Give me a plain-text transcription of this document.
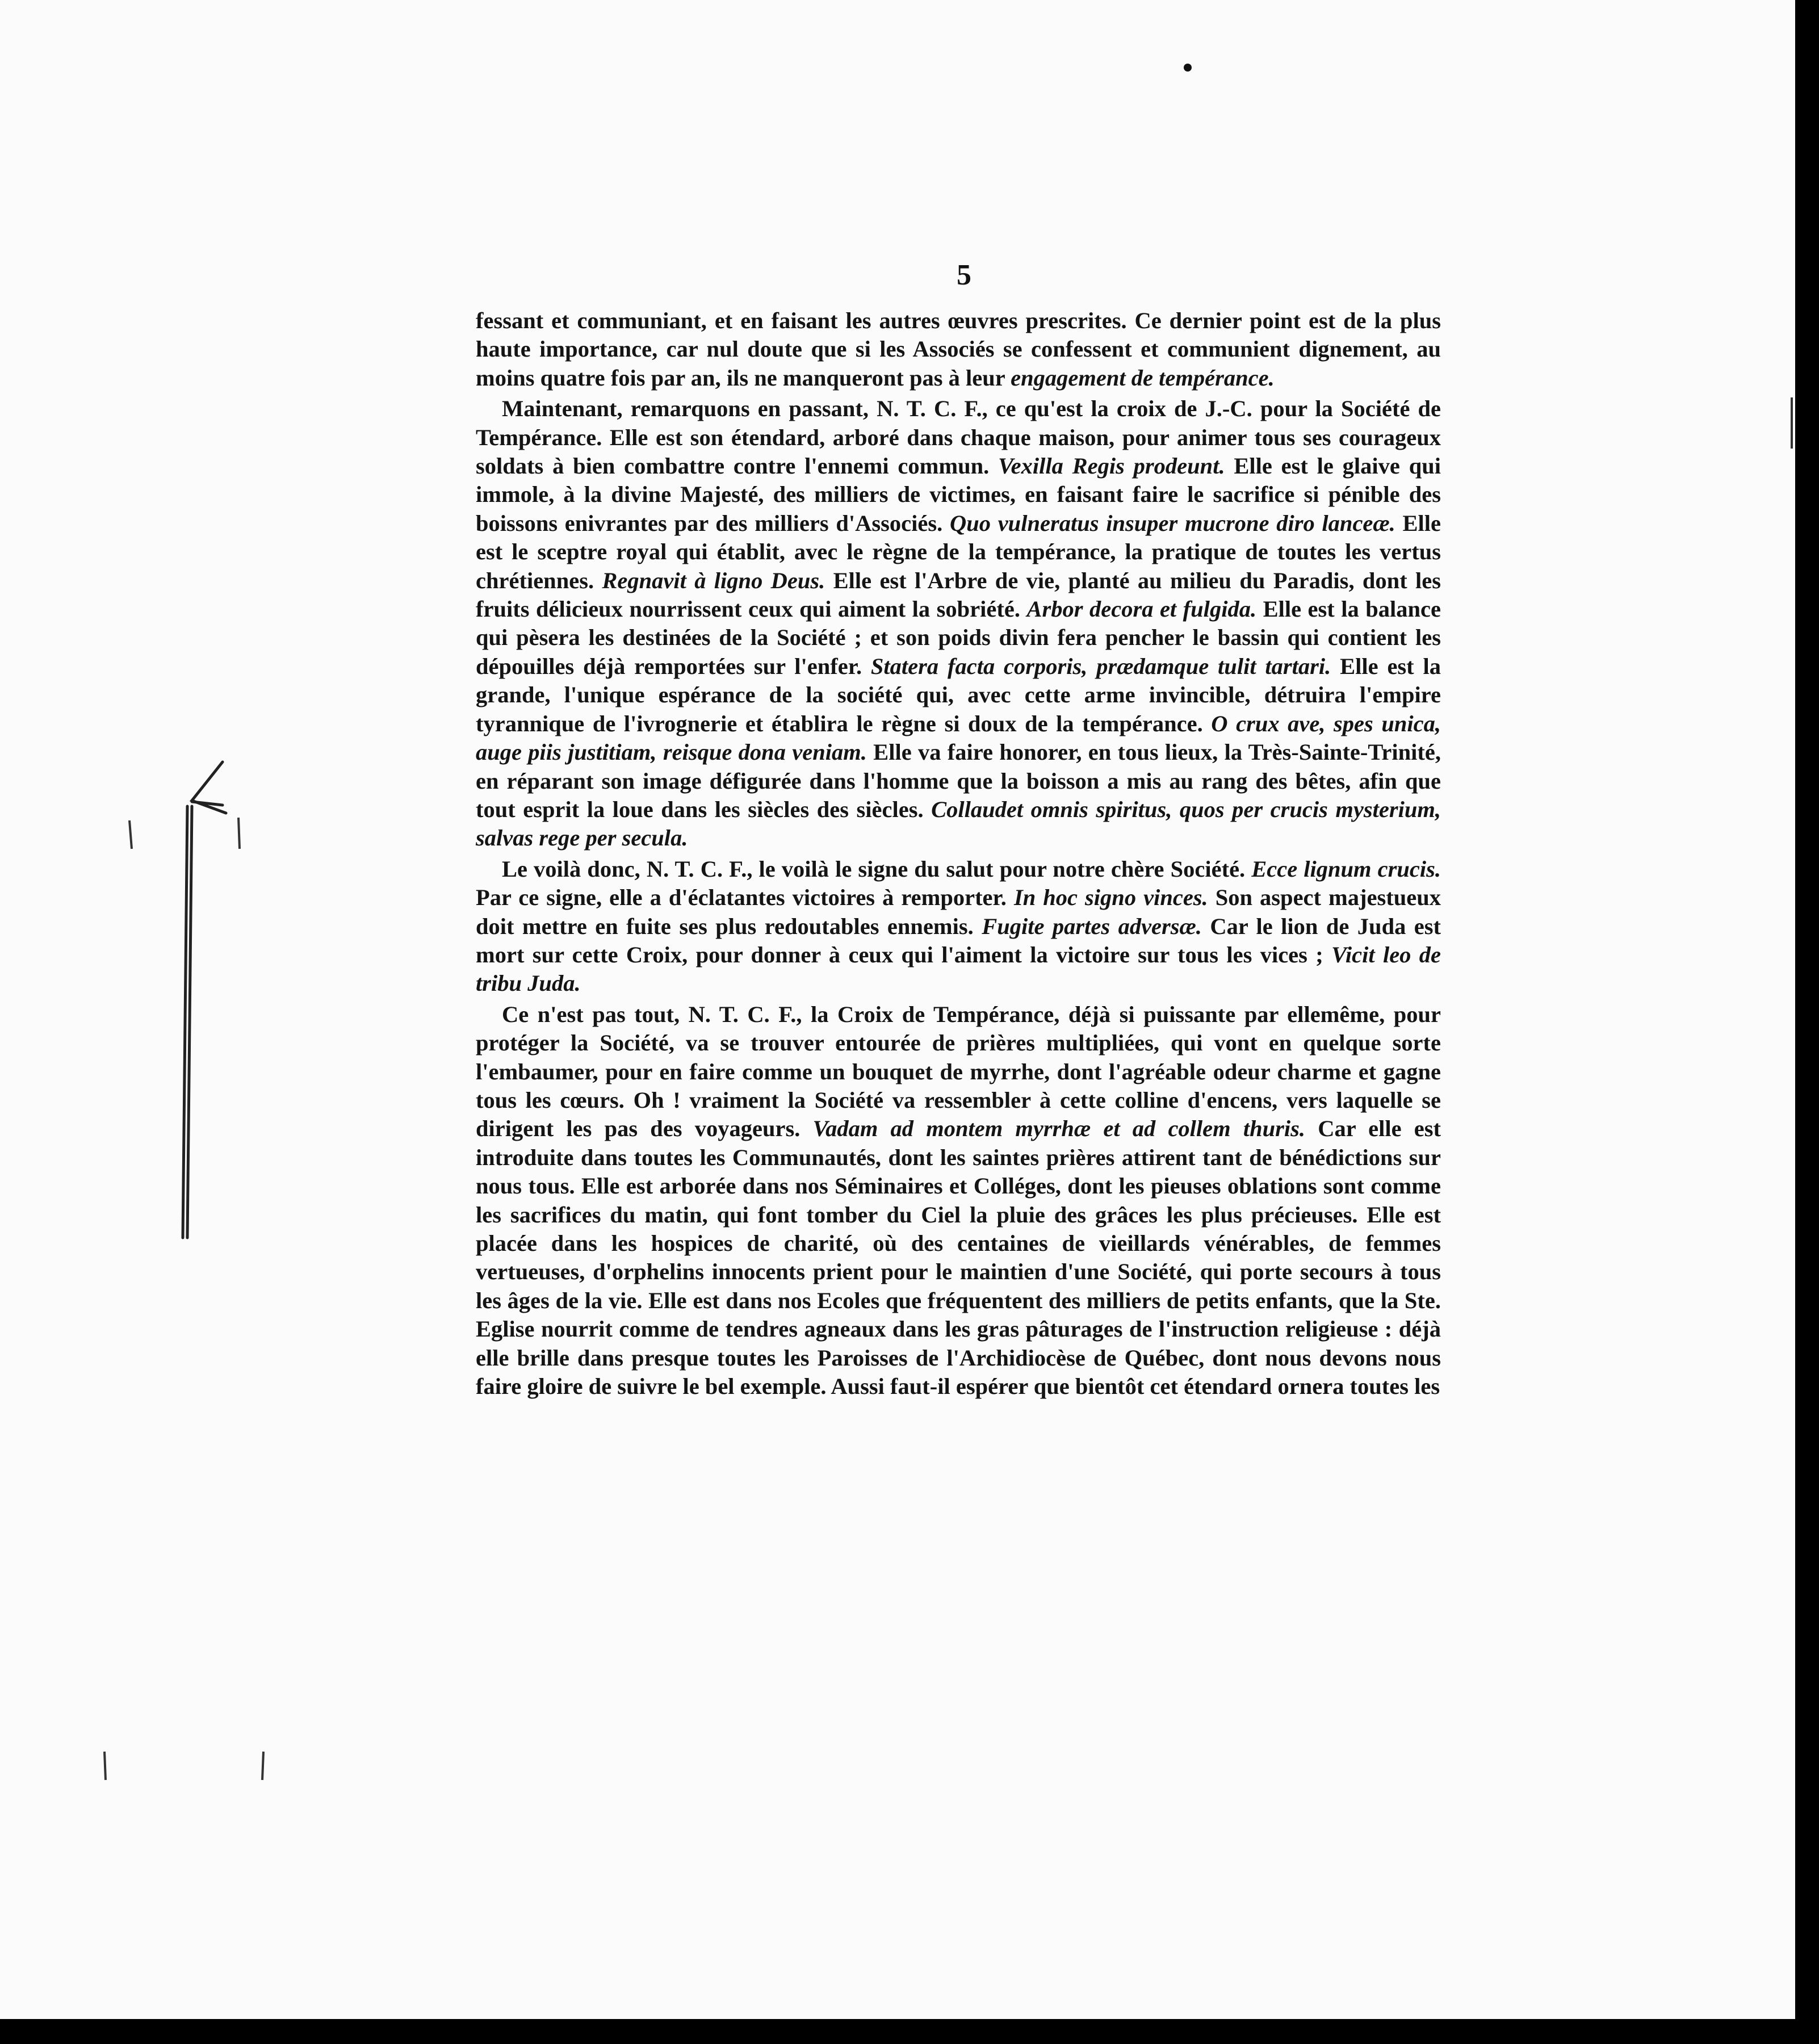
5

fessant et communiant, et en faisant les autres œuvres prescrites. Ce dernier point est de la plus haute importance, car nul doute que si les Associés se confessent et communient dignement, au moins quatre fois par an, ils ne manqueront pas à leur engagement de tempérance.

Maintenant, remarquons en passant, N. T. C. F., ce qu'est la croix de J.-C. pour la Société de Tempérance. Elle est son étendard, arboré dans chaque maison, pour animer tous ses courageux soldats à bien combattre contre l'ennemi commun. Vexilla Regis prodeunt. Elle est le glaive qui immole, à la divine Majesté, des milliers de victimes, en faisant faire le sacrifice si pénible des boissons enivrantes par des milliers d'Associés. Quo vulneratus insuper mucrone diro lanceæ. Elle est le sceptre royal qui établit, avec le règne de la tempérance, la pratique de toutes les vertus chrétiennes. Regnavit à ligno Deus. Elle est l'Arbre de vie, planté au milieu du Paradis, dont les fruits délicieux nourrissent ceux qui aiment la sobriété. Arbor decora et fulgida. Elle est la balance qui pèsera les destinées de la Société ; et son poids divin fera pencher le bassin qui contient les dépouilles déjà remportées sur l'enfer. Statera facta corporis, prædamque tulit tartari. Elle est la grande, l'unique espérance de la société qui, avec cette arme invincible, détruira l'empire tyrannique de l'ivrognerie et établira le règne si doux de la tempérance. O crux ave, spes unica, auge piis justitiam, reisque dona veniam. Elle va faire honorer, en tous lieux, la Très-Sainte-Trinité, en réparant son image défigurée dans l'homme que la boisson a mis au rang des bêtes, afin que tout esprit la loue dans les siècles des siècles. Collaudet omnis spiritus, quos per crucis mysterium, salvas rege per secula.

Le voilà donc, N. T. C. F., le voilà le signe du salut pour notre chère Société. Ecce lignum crucis. Par ce signe, elle a d'éclatantes victoires à remporter. In hoc signo vinces. Son aspect majestueux doit mettre en fuite ses plus redoutables ennemis. Fugite partes adversæ. Car le lion de Juda est mort sur cette Croix, pour donner à ceux qui l'aiment la victoire sur tous les vices ; Vicit leo de tribu Juda.

Ce n'est pas tout, N. T. C. F., la Croix de Tempérance, déjà si puissante par ellemême, pour protéger la Société, va se trouver entourée de prières multipliées, qui vont en quelque sorte l'embaumer, pour en faire comme un bouquet de myrrhe, dont l'agréable odeur charme et gagne tous les cœurs. Oh ! vraiment la Société va ressembler à cette colline d'encens, vers laquelle se dirigent les pas des voyageurs. Vadam ad montem myrrhæ et ad collem thuris. Car elle est introduite dans toutes les Communautés, dont les saintes prières attirent tant de bénédictions sur nous tous. Elle est arborée dans nos Séminaires et Colléges, dont les pieuses oblations sont comme les sacrifices du matin, qui font tomber du Ciel la pluie des grâces les plus précieuses. Elle est placée dans les hospices de charité, où des centaines de vieillards vénérables, de femmes vertueuses, d'orphelins innocents prient pour le maintien d'une Société, qui porte secours à tous les âges de la vie. Elle est dans nos Ecoles que fréquentent des milliers de petits enfants, que la Ste. Eglise nourrit comme de tendres agneaux dans les gras pâturages de l'instruction religieuse : déjà elle brille dans presque toutes les Paroisses de l'Archidiocèse de Québec, dont nous devons nous faire gloire de suivre le bel exemple. Aussi faut-il espérer que bientôt cet étendard ornera toutes les
